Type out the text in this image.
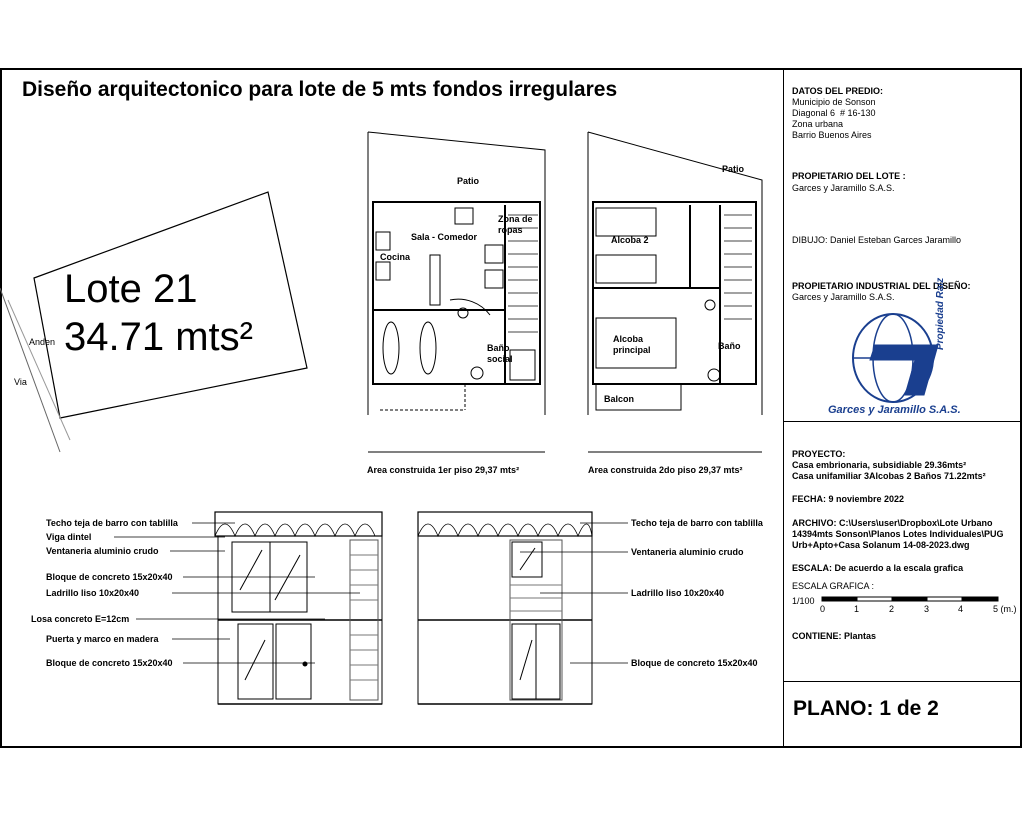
Diseño arquitectonico para lote de 5 mts fondos irregulares
Lote 21
34.71 mts²
Anden
Via
Patio
Sala - Comedor
Zona de ropas
Cocina
Baño social
Area construida 1er piso 29,37 mts²
Patio
Alcoba 2
Alcoba principal	Baño
Balcon
Area construida 2do piso 29,37 mts²
Techo teja de barro con tablilla
Viga dintel
Ventaneria aluminio crudo
Bloque de concreto 15x20x40
Ladrillo liso 10x20x40
Losa concreto E=12cm
Puerta y marco en madera
Bloque de concreto 15x20x40
Techo teja de barro con tablilla
Ventaneria aluminio crudo
Ladrillo liso 10x20x40
Bloque de concreto 15x20x40
DATOS DEL PREDIO:
Municipio de Sonson
Diagonal 6  # 16-130
Zona urbana
Barrio Buenos Aires
PROPIETARIO DEL LOTE :
Garces y Jaramillo S.A.S.
DIBUJO: Daniel Esteban Garces Jaramillo
PROPIETARIO INDUSTRIAL DEL DISEÑO:
Garces y Jaramillo S.A.S.
Garces y Jaramillo S.A.S.
Propiedad Raiz
PROYECTO:
Casa embrionaria, subsidiable 29.36mts²
Casa unifamiliar 3Alcobas 2 Baños 71.22mts²
FECHA: 9 noviembre 2022
ARCHIVO: C:\Users\user\Dropbox\Lote Urbano
14394mts Sonson\Planos Lotes Individuales\PUG
Urb+Apto+Casa Solanum 14-08-2023.dwg
ESCALA: De acuerdo a la escala grafica
ESCALA GRAFICA :
1/100
0	1	2	3	4	5 (m.)
CONTIENE: Plantas
PLANO: 1 de 2
